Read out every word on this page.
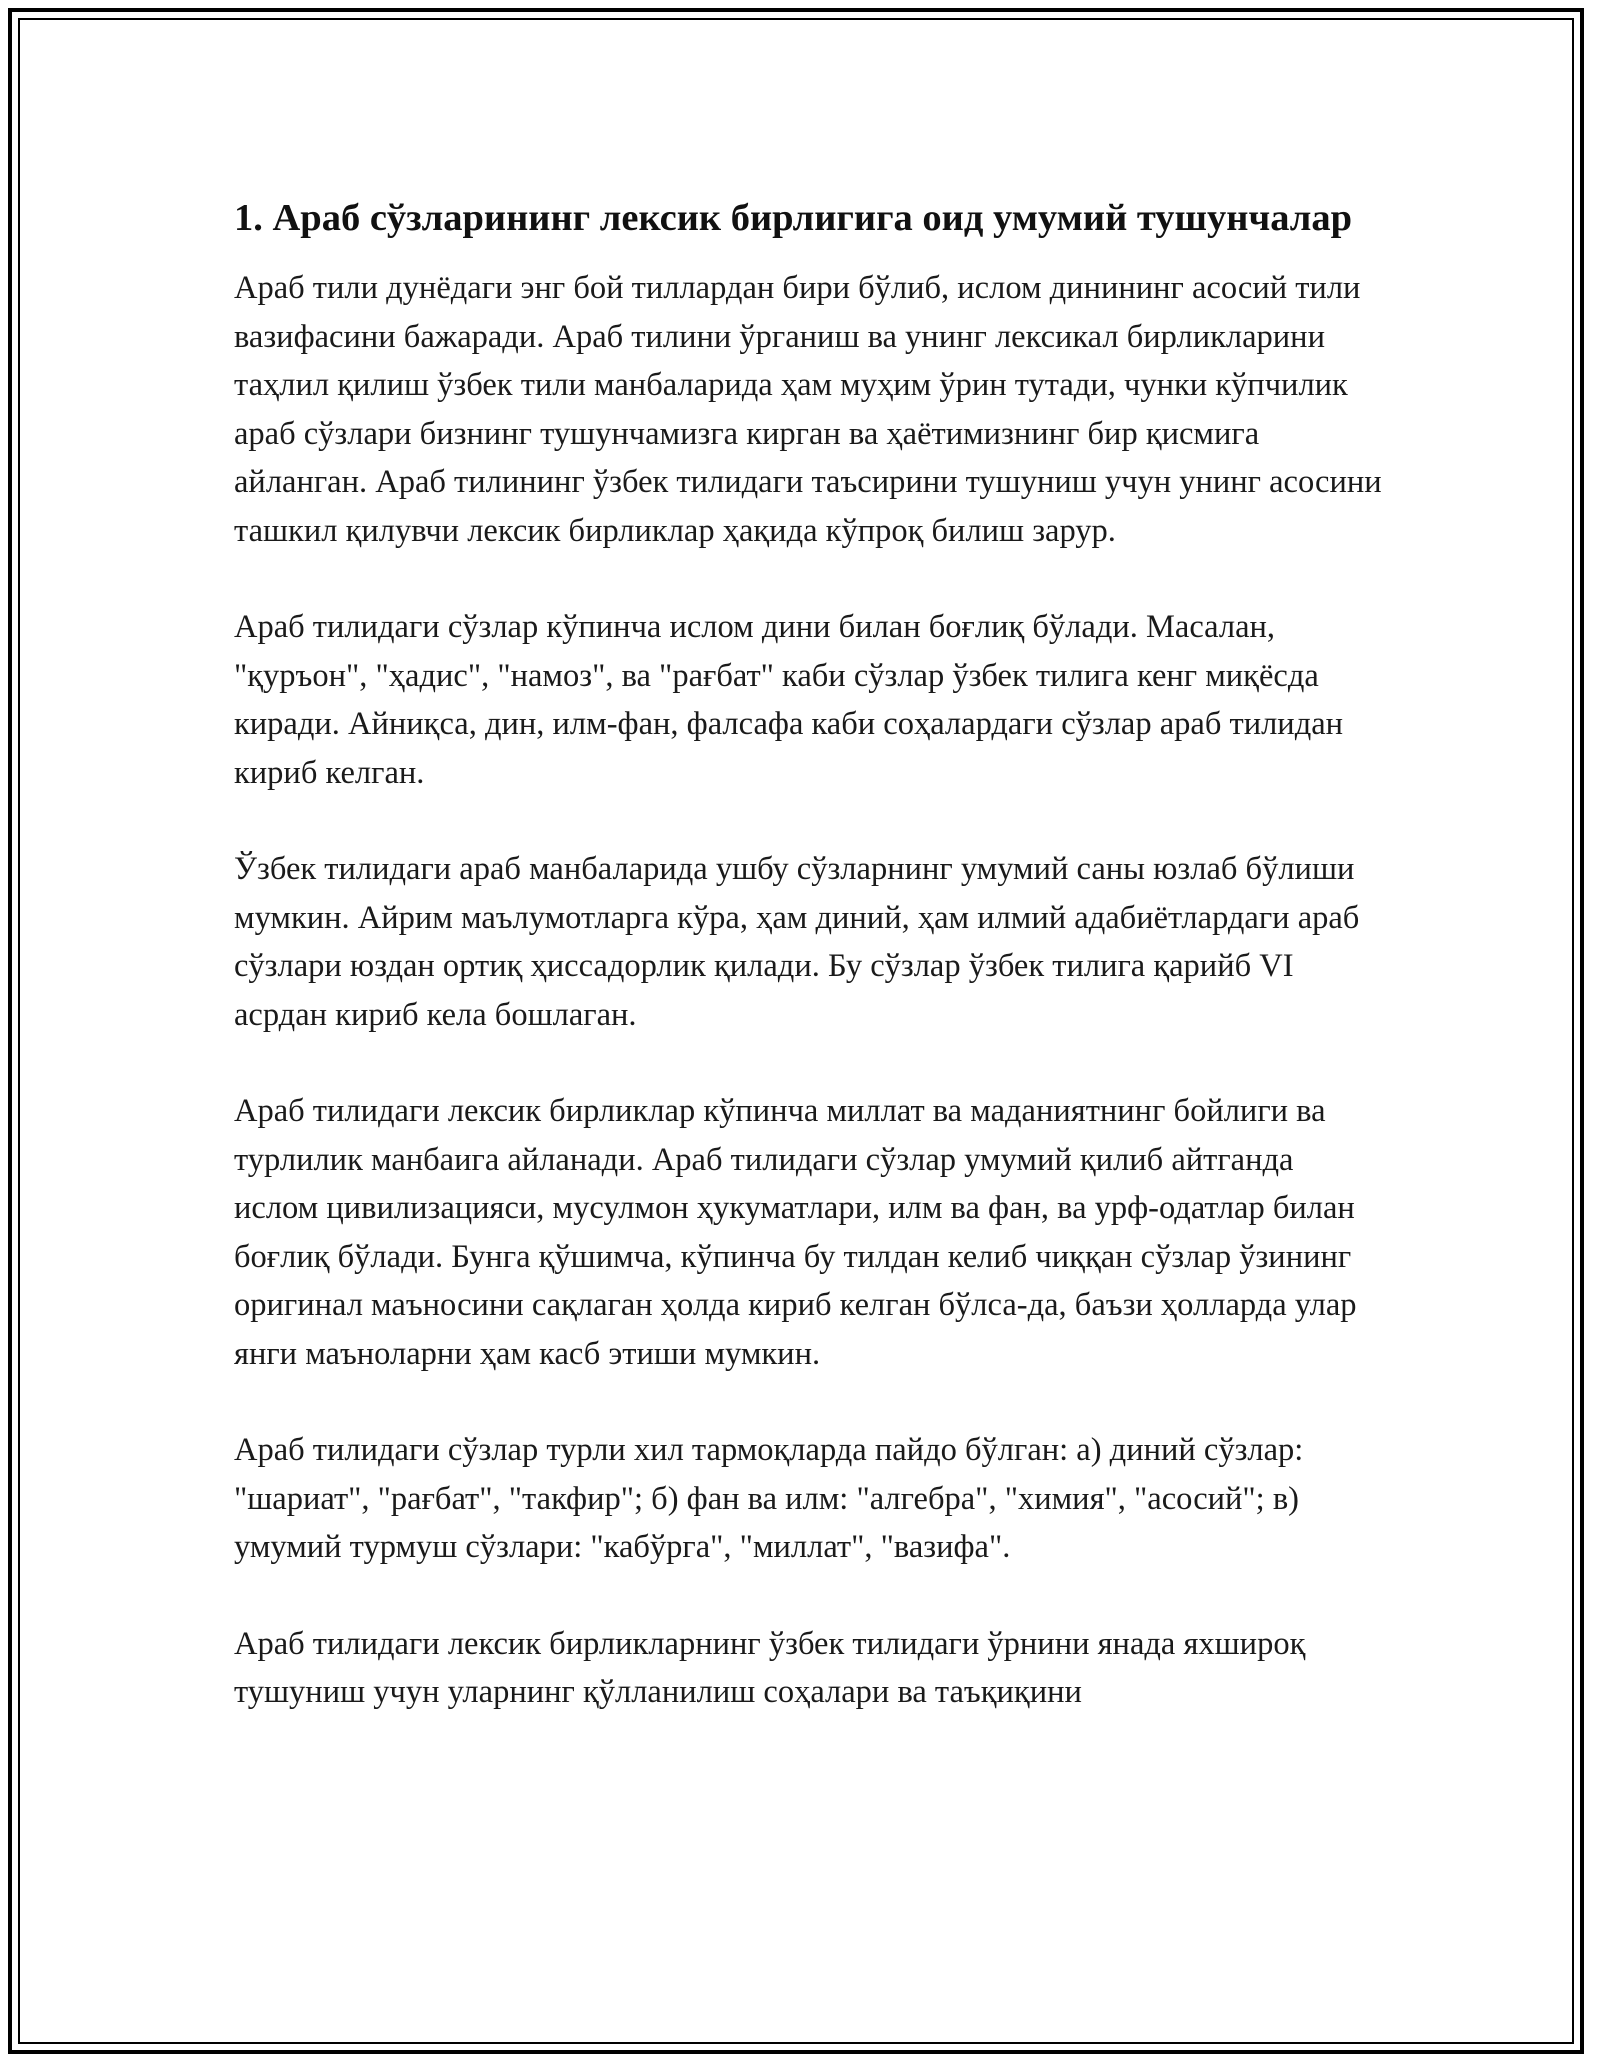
1. Араб сўзларининг лексик бирлигига оид умумий тушунчалар

Араб тили дунёдаги энг бой тиллардан бири бўлиб, ислом динининг асосий тили вазифасини бажаради. Араб тилини ўрганиш ва унинг лексикал бирликларини таҳлил қилиш ўзбек тили манбаларида ҳам муҳим ўрин тутади, чунки кўпчилик араб сўзлари бизнинг тушунчамизга кирган ва ҳаётимизнинг бир қисмига айланган. Араб тилининг ўзбек тилидаги таъсирини тушуниш учун унинг асосини ташкил қилувчи лексик бирликлар ҳақида кўпроқ билиш зарур.

Араб тилидаги сўзлар кўпинча ислом дини билан боғлиқ бўлади. Масалан, "қуръон", "ҳадис", "намоз", ва "рағбат" каби сўзлар ўзбек тилига кенг миқёсда киради. Айниқса, дин, илм-фан, фалсафа каби соҳалардаги сўзлар араб тилидан кириб келган.

Ўзбек тилидаги араб манбаларида ушбу сўзларнинг умумий саны юзлаб бўлиши мумкин. Айрим маълумотларга кўра, ҳам диний, ҳам илмий адабиётлардаги араб сўзлари юздан ортиқ ҳиссадорлик қилади. Бу сўзлар ўзбек тилига қарийб VI асрдан кириб кела бошлаган.

Араб тилидаги лексик бирликлар кўпинча миллат ва маданиятнинг бойлиги ва турлилик манбаига айланади. Араб тилидаги сўзлар умумий қилиб айтганда ислом цивилизацияси, мусулмон ҳукуматлари, илм ва фан, ва урф-одатлар билан боғлиқ бўлади. Бунга қўшимча, кўпинча бу тилдан келиб чиққан сўзлар ўзининг оригинал маъносини сақлаган ҳолда кириб келган бўлса-да, баъзи ҳолларда улар янги маъноларни ҳам касб этиши мумкин.

Араб тилидаги сўзлар турли хил тармоқларда пайдо бўлган: а) диний сўзлар: "шариат", "рағбат", "такфир"; б) фан ва илм: "алгебра", "химия", "асосий"; в) умумий турмуш сўзлари: "кабўрга", "миллат", "вазифа".

Араб тилидаги лексик бирликларнинг ўзбек тилидаги ўрнини янада яхшироқ тушуниш учун уларнинг қўлланилиш соҳалари ва таъқиқини
